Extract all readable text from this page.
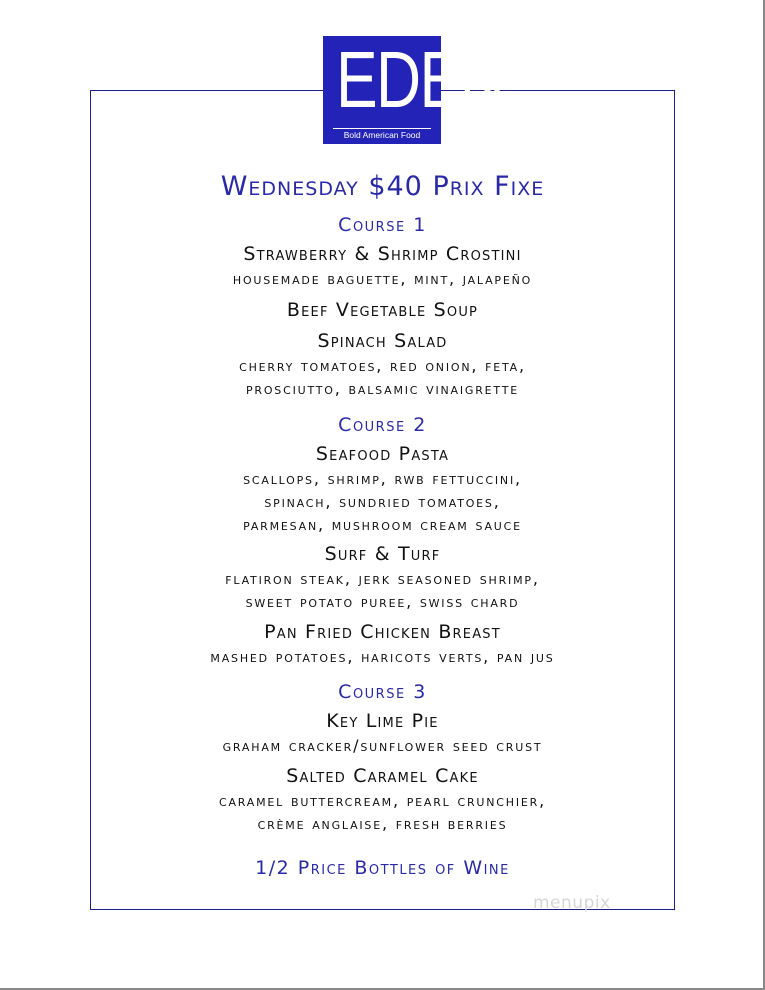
EDEN
Bold American Food
Wednesday $40 Prix Fixe
Course 1
Strawberry & Shrimp Crostini
housemade baguette, mint, jalapeño
Beef Vegetable Soup
Spinach Salad
cherry tomatoes, red onion, feta,
prosciutto, balsamic vinaigrette
Course 2
Seafood Pasta
scallops, shrimp, rwb fettuccini,
spinach, sundried tomatoes,
parmesan, mushroom cream sauce
Surf & Turf
flatiron steak, jerk seasoned shrimp,
sweet potato puree, swiss chard
Pan Fried Chicken Breast
mashed potatoes, haricots verts, pan jus
Course 3
Key Lime Pie
graham cracker/sunflower seed crust
Salted Caramel Cake
caramel buttercream, pearl crunchier,
crème anglaise, fresh berries
1/2 Price Bottles of Wine
menupix
